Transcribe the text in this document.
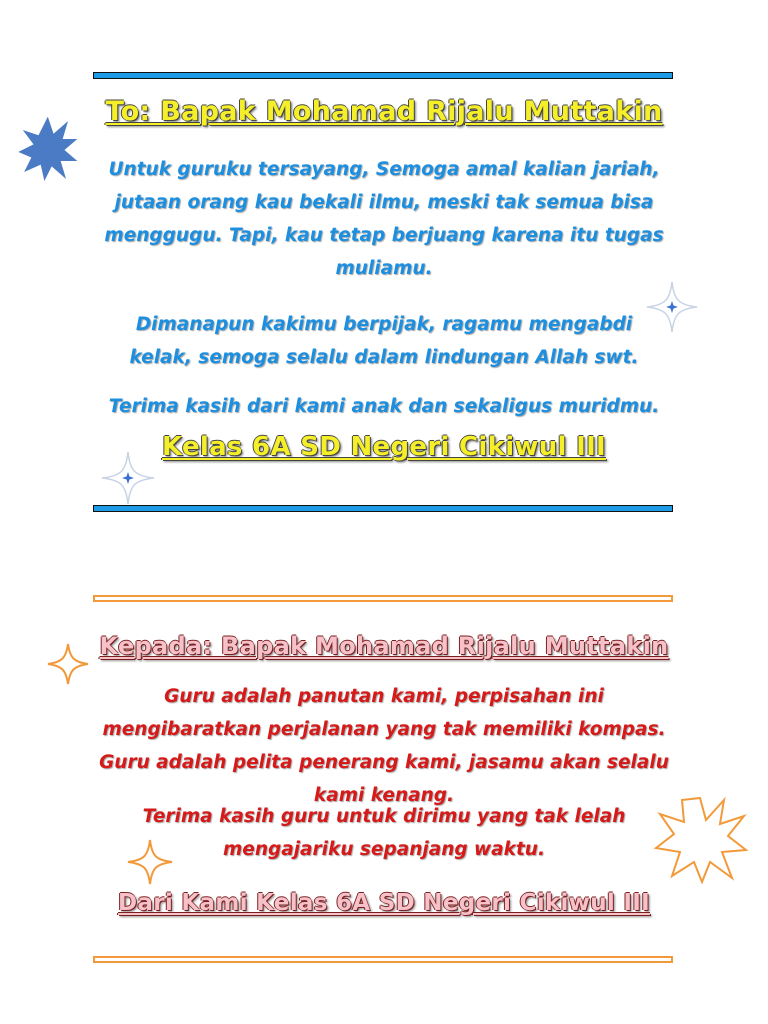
To: Bapak Mohamad Rijalu Muttakin
Untuk guruku tersayang, Semoga amal kalian jariah, jutaan orang kau bekali ilmu, meski tak semua bisa menggugu. Tapi, kau tetap berjuang karena itu tugas muliamu.
Dimanapun kakimu berpijak, ragamu mengabdi kelak, semoga selalu dalam lindungan Allah swt.
Terima kasih dari kami anak dan sekaligus muridmu.
Kelas 6A SD Negeri Cikiwul III
Kepada: Bapak Mohamad Rijalu Muttakin
Guru adalah panutan kami, perpisahan ini mengibaratkan perjalanan yang tak memiliki kompas. Guru adalah pelita penerang kami, jasamu akan selalu kami kenang.
Terima kasih guru untuk dirimu yang tak lelah mengajariku sepanjang waktu.
Dari Kami Kelas 6A SD Negeri Cikiwul III
